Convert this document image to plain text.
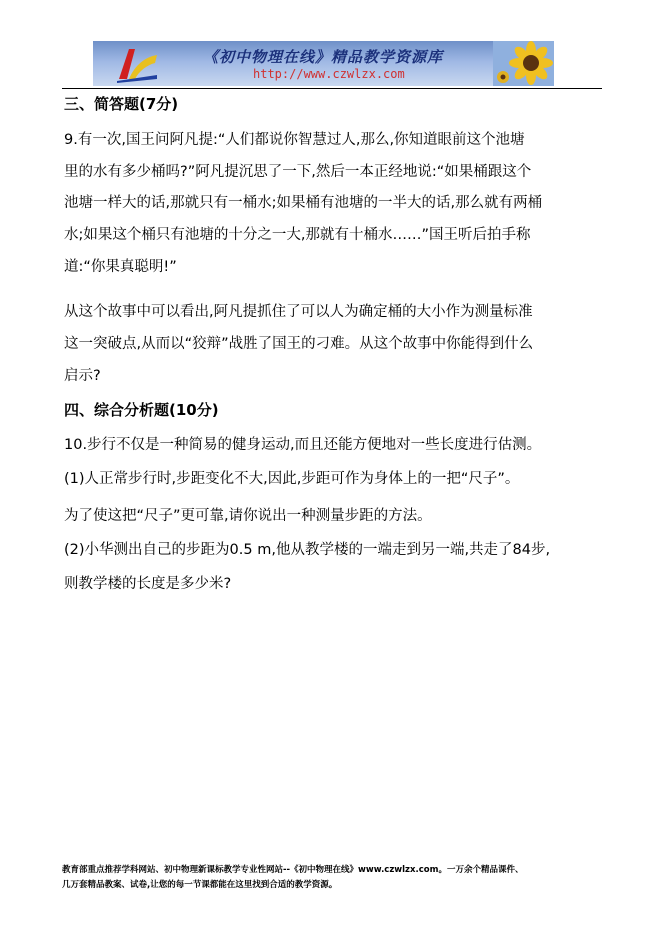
《初中物理在线》精品教学资源库
http://www.czwlzx.com
三、简答题(7分)
9.有一次,国王问阿凡提:“人们都说你智慧过人,那么,你知道眼前这个池塘
里的水有多少桶吗?”阿凡提沉思了一下,然后一本正经地说:“如果桶跟这个
池塘一样大的话,那就只有一桶水;如果桶有池塘的一半大的话,那么就有两桶
水;如果这个桶只有池塘的十分之一大,那就有十桶水……”国王听后拍手称
道:“你果真聪明!”
从这个故事中可以看出,阿凡提抓住了可以人为确定桶的大小作为测量标准
这一突破点,从而以“狡辩”战胜了国王的刁难。从这个故事中你能得到什么
启示?
四、综合分析题(10分)
10.步行不仅是一种简易的健身运动,而且还能方便地对一些长度进行估测。
(1)人正常步行时,步距变化不大,因此,步距可作为身体上的一把“尺子”。
为了使这把“尺子”更可靠,请你说出一种测量步距的方法。
(2)小华测出自己的步距为0.5 m,他从教学楼的一端走到另一端,共走了84步,
则教学楼的长度是多少米?
教育部重点推荐学科网站、初中物理新课标教学专业性网站--《初中物理在线》www.czwlzx.com。一万余个精品课件、
几万套精品教案、试卷,让您的每一节课都能在这里找到合适的教学资源。
